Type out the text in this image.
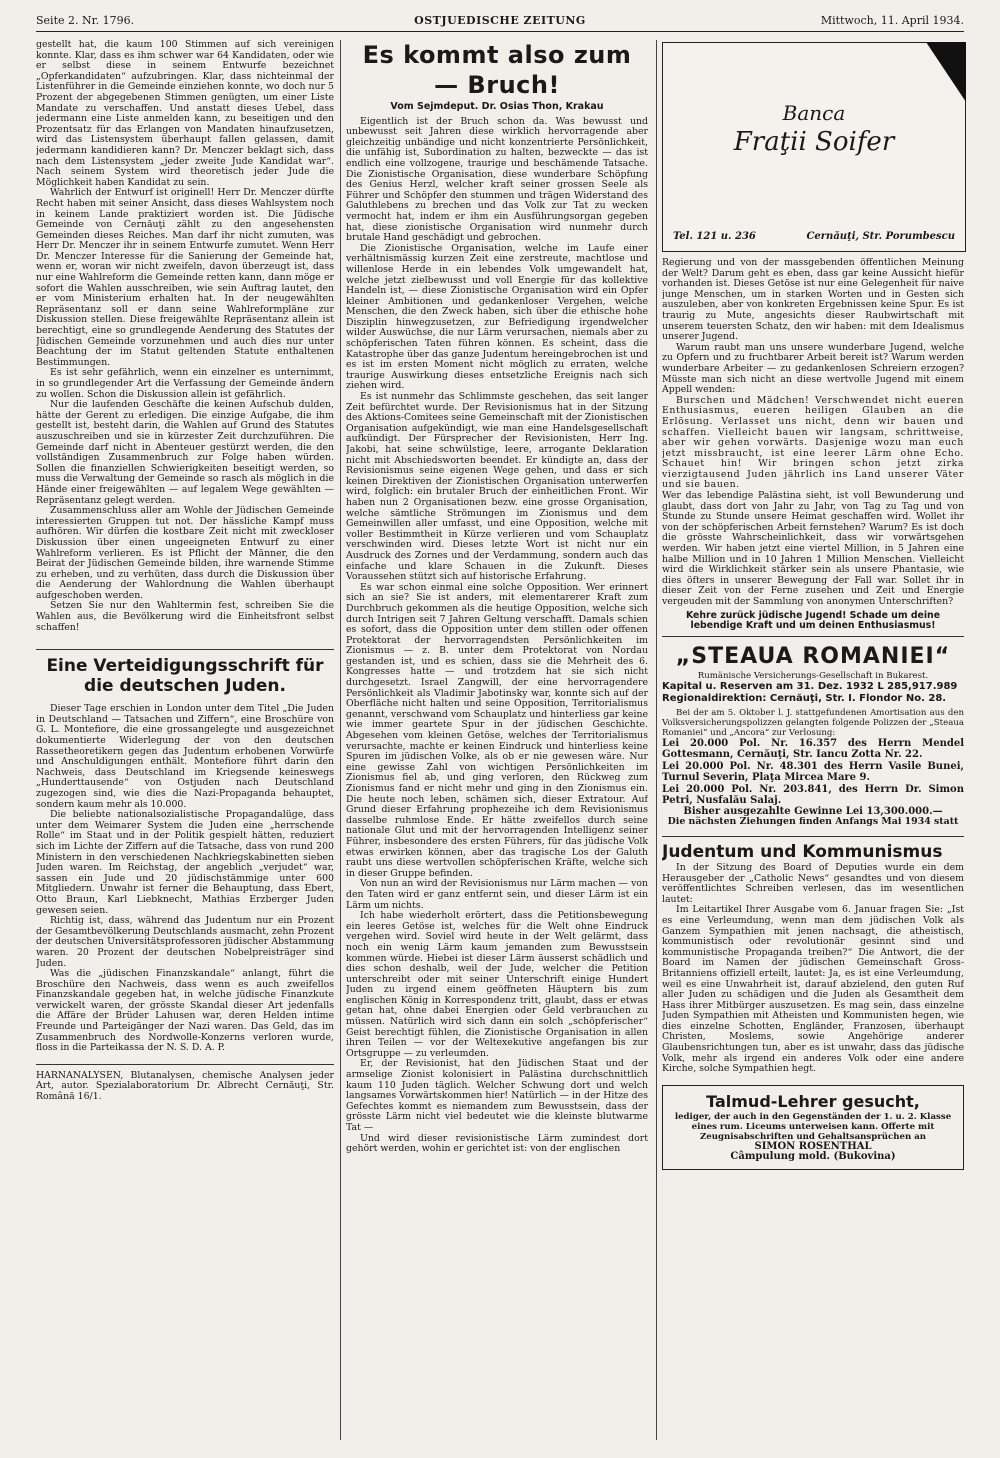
Seite 2. Nr. 1796.	OSTJUEDISCHE ZEITUNG	Mittwoch, 11. April 1934.

gestellt hat, die kaum 100 Stimmen auf sich vereinigen konnte. Klar, dass es ihm schwer war 64 Kandidaten, oder wie er selbst diese in seinem Entwurfe bezeichnet „Opferkandidaten“ aufzubringen. Klar, dass nichteinmal der Listenführer in die Gemeinde einziehen konnte, wo doch nur 5 Prozent der abgegebenen Stimmen genügten, um einer Liste Mandate zu verschaffen. Und anstatt dieses Uebel, dass jedermann eine Liste anmelden kann, zu beseitigen und den Prozentsatz für das Erlangen von Mandaten hinaufzusetzen, wird das Listensystem überhaupt fallen gelassen, damit jedermann kandidieren kann? Dr. Menczer beklagt sich, dass nach dem Listensystem „jeder zweite Jude Kandidat war“. Nach seinem System wird theoretisch jeder Jude die Möglichkeit haben Kandidat zu sein.

Wahrlich der Entwurf ist originell! Herr Dr. Menczer dürfte Recht haben mit seiner Ansicht, dass dieses Wahlsystem noch in keinem Lande praktiziert worden ist. Die Jüdische Gemeinde von Cernăuţi zählt zu den angesehensten Gemeinden dieses Reiches. Man darf ihr nicht zumuten, was Herr Dr. Menczer ihr in seinem Entwurfe zumutet. Wenn Herr Dr. Menczer Interesse für die Sanierung der Gemeinde hat, wenn er, woran wir nicht zweifeln, davon überzeugt ist, dass nur eine Wahlreform die Gemeinde retten kann, dann möge er sofort die Wahlen ausschreiben, wie sein Auftrag lautet, den er vom Ministerium erhalten hat. In der neugewählten Repräsentanz soll er dann seine Wahlreformpläne zur Diskussion stellen. Diese freigewählte Repräsentanz allein ist berechtigt, eine so grundlegende Aenderung des Statutes der Jüdischen Gemeinde vorzunehmen und auch dies nur unter Beachtung der im Statut geltenden Statute enthaltenen Bestimmungen.

Es ist sehr gefährlich, wenn ein einzelner es unternimmt, in so grundlegender Art die Verfassung der Gemeinde ändern zu wollen. Schon die Diskussion allein ist gefährlich.

Nur die laufenden Geschäfte die keinen Aufschub dulden, hätte der Gerent zu erledigen. Die einzige Aufgabe, die ihm gestellt ist, besteht darin, die Wahlen auf Grund des Statutes auszuschreiben und sie in kürzester Zeit durchzuführen. Die Gemeinde darf nicht in Abenteuer gestürzt werden, die den vollständigen Zusammenbruch zur Folge haben würden. Sollen die finanziellen Schwierigkeiten beseitigt werden, so muss die Verwaltung der Gemeinde so rasch als möglich in die Hände einer freigewählten — auf legalem Wege gewählten — Repräsentanz gelegt werden.

Zusammenschluss aller am Wohle der Jüdischen Gemeinde interessierten Gruppen tut not. Der hässliche Kampf muss aufhören. Wir dürfen die kostbare Zeit nicht mit zweckloser Diskussion über einen ungeeigneten Entwurf zu einer Wahlreform verlieren. Es ist Pflicht der Männer, die den Beirat der Jüdischen Gemeinde bilden, ihre warnende Stimme zu erheben, und zu verhüten, dass durch die Diskussion über die Aenderung der Wahlordnung die Wahlen überhaupt aufgeschoben werden.

Setzen Sie nur den Wahltermin fest, schreiben Sie die Wahlen aus, die Bevölkerung wird die Einheitsfront selbst schaffen!

Eine Verteidigungsschrift für die deutschen Juden.

Dieser Tage erschien in London unter dem Titel „Die Juden in Deutschland — Tatsachen und Ziffern“, eine Broschüre von G. L. Montefiore, die eine grossangelegte und ausgezeichnet dokumentierte Widerlegung der von den deutschen Rassetheoretikern gegen das Judentum erhobenen Vorwürfe und Anschuldigungen enthält. Montefiore führt darin den Nachweis, dass Deutschland im Kriegsende keineswegs „Hunderttausende“ von Ostjuden nach Deutschland zugezogen sind, wie dies die Nazi-Propaganda behauptet, sondern kaum mehr als 10.000.

Die beliebte nationalsozialistische Propagandalüge, dass unter dem Weimarer System die Juden eine „herrschende Rolle“ im Staat und in der Politik gespielt hätten, reduziert sich im Lichte der Ziffern auf die Tatsache, dass von rund 200 Ministern in den verschiedenen Nachkriegskabinetten sieben Juden waren. Im Reichstag, der angeblich „verjudet“ war, sassen ein Jude und 20 jüdischstämmige unter 600 Mitgliedern. Unwahr ist ferner die Behauptung, dass Ebert, Otto Braun, Karl Liebknecht, Mathias Erzberger Juden gewesen seien.

Richtig ist, dass, während das Judentum nur ein Prozent der Gesamtbevölkerung Deutschlands ausmacht, zehn Prozent der deutschen Universitätsprofessoren jüdischer Abstammung waren. 20 Prozent der deutschen Nobelpreisträger sind Juden.

Was die „jüdischen Finanzskandale“ anlangt, führt die Broschüre den Nachweis, dass wenn es auch zweifellos Finanzskandale gegeben hat, in welche jüdische Finanzkute verwickelt waren, der grösste Skandal dieser Art jedenfalls die Affäre der Brüder Lahusen war, deren Helden intime Freunde und Parteigänger der Nazi waren. Das Geld, das im Zusammenbruch des Nordwolle-Konzerns verloren wurde, floss in die Parteikassa der N. S. D. A. P.

HARNANALYSEN, Blutanalysen, chemische Analysen jeder Art, autor. Spezialaboratorium Dr. Albrecht Cernăuţi, Str. Română 16/1.

Es kommt also zum — Bruch!
Vom Sejmdeput. Dr. Osias Thon, Krakau

Eigentlich ist der Bruch schon da. Was bewusst und unbewusst seit Jahren diese wirklich hervorragende aber gleichzeitig unbändige und nicht konzentrierte Persönlichkeit, die unfähig ist, Subordination zu halten, bezweckte — das ist endlich eine vollzogene, traurige und beschämende Tatsache. Die Zionistische Organisation, diese wunderbare Schöpfung des Genius Herzl, welcher kraft seiner grossen Seele als Führer und Schöpfer den stummen und trägen Widerstand des Galuthlebens zu brechen und das Volk zur Tat zu wecken vermocht hat, indem er ihm ein Ausführungsorgan gegeben hat, diese zionistische Organisation wird nunmehr durch brutale Hand geschädigt und gebrochen.

Die Zionistische Organisation, welche im Laufe einer verhältnismässig kurzen Zeit eine zerstreute, machtlose und willenlose Herde in ein lebendes Volk umgewandelt hat, welche jetzt zielbewusst und voll Energie für das kollektive Handeln ist, — diese Zionistische Organisation wird ein Opfer kleiner Ambitionen und gedankenloser Vergehen, welche Menschen, die den Zweck haben, sich über die ethische hohe Disziplin hinwegzusetzen, zur Befriedigung irgendwelcher wilder Auswüchse, die nur Lärm verursachen, niemals aber zu schöpferischen Taten führen können. Es scheint, dass die Katastrophe über das ganze Judentum hereingebrochen ist und es ist im ersten Moment nicht möglich zu erraten, welche traurige Auswirkung dieses entsetzliche Ereignis nach sich ziehen wird.

Es ist nunmehr das Schlimmste geschehen, das seit langer Zeit befürchtet wurde. Der Revisionismus hat in der Sitzung des Aktions-Comitees seine Gemeinschaft mit der Zionistischen Organisation aufgekündigt, wie man eine Handelsgesellschaft aufkündigt. Der Fürsprecher der Revisionisten, Herr Ing. Jakobi, hat seine schwülstige, leere, arrogante Deklaration nicht mit Abschiedsworten beendet. Er kündigte an, dass der Revisionismus seine eigenen Wege gehen, und dass er sich keinen Direktiven der Zionistischen Organisation unterwerfen wird, folglich: ein brutaler Bruch der einheitlichen Front. Wir haben nun 2 Organisationen bezw. eine grosse Organisation, welche sämtliche Strömungen im Zionismus und dem Gemeinwillen aller umfasst, und eine Opposition, welche mit voller Bestimmtheit in Kürze verlieren und vom Schauplatz verschwinden wird. Dieses letzte Wort ist nicht nur ein Ausdruck des Zornes und der Verdammung, sondern auch das einfache und klare Schauen in die Zukunft. Dieses Voraussehen stützt sich auf historische Erfahrung.

Es war schon einmal eine solche Opposition. Wer erinnert sich an sie? Sie ist anders, mit elementarerer Kraft zum Durchbruch gekommen als die heutige Opposition, welche sich durch Intrigen seit 7 Jahren Geltung verschafft. Damals schien es sofort, dass die Opposition unter dem stillen oder offenen Protektorat der hervorragendsten Persönlichkeiten im Zionismus — z. B. unter dem Protektorat von Nordau gestanden ist, und es schien, dass sie die Mehrheit des 6. Kongresses hatte — und trotzdem hat sie sich nicht durchgesetzt. Israel Zangwill, der eine hervorragendere Persönlichkeit als Vladimir Jabotinsky war, konnte sich auf der Oberfläche nicht halten und seine Opposition, Territorialismus genannt, verschwand vom Schauplatz und hinterliess gar keine wie immer geartete Spur in der jüdischen Geschichte. Abgesehen vom kleinen Getöse, welches der Territorialismus verursachte, machte er keinen Eindruck und hinterliess keine Spuren im jüdischen Volke, als ob er nie gewesen wäre. Nur eine gewisse Zahl von wichtigen Persönlichkeiten im Zionismus fiel ab, und ging verloren, den Rückweg zum Zionismus fand er nicht mehr und ging in den Zionismus ein. Die heute noch leben, schämen sich, dieser Extratour. Auf Grund dieser Erfahrung prophezeihe ich dem Revisionismus dasselbe ruhmlose Ende. Er hätte zweifellos durch seine nationale Glut und mit der hervorragenden Intelligenz seiner Führer, insbesondere des ersten Führers, für das jüdische Volk etwas erwirken können, aber das tragische Los der Galuth raubt uns diese wertvollen schöpferischen Kräfte, welche sich in dieser Gruppe befinden.

Von nun an wird der Revisionismus nur Lärm machen — von den Taten wird er ganz entfernt sein, und dieser Lärm ist ein Lärm um nichts.

Ich habe wiederholt erörtert, dass die Petitionsbewegung ein leeres Getöse ist, welches für die Welt ohne Eindruck vergehen wird. Soviel wird heute in der Welt gelärmt, dass noch ein wenig Lärm kaum jemanden zum Bewusstsein kommen würde. Hiebei ist dieser Lärm äusserst schädlich und dies schon deshalb, weil der Jude, welcher die Petition unterschreibt oder mit seiner Unterschrift einige Hundert Juden zu irgend einem geöffneten Häuptern bis zum englischen König in Korrespondenz tritt, glaubt, dass er etwas getan hat, ohne dabei Energien oder Geld verbrauchen zu müssen. Natürlich wird sich dann ein solch „schöpferischer“ Geist berechtigt fühlen, die Zionistische Organisation in allen ihren Teilen — vor der Weltexekutive angefangen bis zur Ortsgruppe — zu verleumden.

Er, der Revisionist, hat den Jüdischen Staat und der armselige Zionist kolonisiert in Palästina durchschnittlich kaum 110 Juden täglich. Welcher Schwung dort und welch langsames Vorwärtskommen hier! Natürlich — in der Hitze des Gefechtes kommt es niemandem zum Bewusstsein, dass der grösste Lärm nicht viel bedeutet wie die kleinste blutwarme Tat —

Und wird dieser revisionistische Lärm zumindest dort gehört werden, wohin er gerichtet ist: von der englischen

Banca
Fraţii Soifer
Tel. 121 u. 236	Cernăuţi, Str. Porumbescu

Regierung und von der massgebenden öffentlichen Meinung der Welt? Darum geht es eben, dass gar keine Aussicht hiefür vorhanden ist. Dieses Getöse ist nur eine Gelegenheit für naive junge Menschen, um in starken Worten und in Gesten sich auszuleben, aber von konkreten Ergebnissen keine Spur. Es ist traurig zu Mute, angesichts dieser Raubwirtschaft mit unserem teuersten Schatz, den wir haben: mit dem Idealismus unserer Jugend.

Warum raubt man uns unsere wunderbare Jugend, welche zu Opfern und zu fruchtbarer Arbeit bereit ist? Warum werden wunderbare Arbeiter — zu gedankenlosen Schreiern erzogen? Müsste man sich nicht an diese wertvolle Jugend mit einem Appell wenden:

Burschen und Mädchen! Verschwendet nicht eueren Enthusiasmus, eueren heiligen Glauben an die Erlösung. Verlasset uns nicht, denn wir bauen und schaffen. Vielleicht bauen wir langsam, schrittweise, aber wir gehen vorwärts. Dasjenige wozu man euch jetzt missbraucht, ist eine leerer Lärm ohne Echo. Schauet hin! Wir bringen schon jetzt zirka vierzigtausend Juden jährlich ins Land unserer Väter und sie bauen.

Wer das lebendige Palästina sieht, ist voll Bewunderung und glaubt, dass dort von Jahr zu Jahr, von Tag zu Tag und von Stunde zu Stunde unsere Heimat geschaffen wird. Wollet ihr von der schöpferischen Arbeit fernstehen? Warum? Es ist doch die grösste Wahrscheinlichkeit, dass wir vorwärtsgehen werden. Wir haben jetzt eine viertel Million, in 5 Jahren eine halbe Million und in 10 Jahren 1 Million Menschen. Vielleicht wird die Wirklichkeit stärker sein als unsere Phantasie, wie dies öfters in unserer Bewegung der Fall war. Sollet ihr in dieser Zeit von der Ferne zusehen und Zeit und Energie vergeuden mit der Sammlung von anonymen Unterschriften?

Kehre zurück jüdische Jugend! Schade um deine lebendige Kraft und um deinen Enthusiasmus!

„STEAUA ROMANIEI“
Rumänische Versicherungs-Gesellschaft in Bukarest.
Kapital u. Reserven am 31. Dez. 1932 L 285,917.989
Regionaldirektion: Cernăuţi, Str. I. Flondor No. 28.

Bei der am 5. Oktober l. J. stattgefundenen Amortisation aus den Volksversicherungspolizzen gelangten folgende Polizzen der „Steaua Romaniei“ und „Ancora“ zur Verlosung:

Lei 20.000 Pol. Nr. 16.357 des Herrn Mendel Gottesmann, Cernăuţi, Str. Iancu Zotta Nr. 22.

Lei 20.000 Pol. Nr. 48.301 des Herrn Vasile Bunei, Turnul Severin, Plaţa Mircea Mare 9.

Lei 20.000 Pol. Nr. 203.841, des Herrn Dr. Simon Petri, Nusfalău Salaj.

Bisher ausgezahlte Gewinne Lei 13,300.000.—
Die nächsten Ziehungen finden Anfangs Mai 1934 statt
Judentum und Kommunismus

In der Sitzung des Board of Deputies wurde ein dem Herausgeber der „Catholic News“ gesandtes und von diesem veröffentlichtes Schreiben verlesen, das im wesentlichen lautet:

Im Leitartikel Ihrer Ausgabe vom 6. Januar fragen Sie: „Ist es eine Verleumdung, wenn man dem jüdischen Volk als Ganzem Sympathien mit jenen nachsagt, die atheistisch, kommunistisch oder revolutionär gesinnt sind und kommunistische Propaganda treiben?“ Die Antwort, die der Board im Namen der jüdischen Gemeinschaft Gross-Britanniens offiziell erteilt, lautet: Ja, es ist eine Verleumdung, weil es eine Unwahrheit ist, darauf abzielend, den guten Ruf aller Juden zu schädigen und die Juden als Gesamtheit dem Hass ihrer Mitbürger auszusetzen. Es mag sein, dass einzelne Juden Sympathien mit Atheisten und Kommunisten hegen, wie dies einzelne Schotten, Engländer, Franzosen, überhaupt Christen, Moslems, sowie Angehörige anderer Glaubensrichtungen tun, aber es ist unwahr, dass das jüdische Volk, mehr als irgend ein anderes Volk oder eine andere Kirche, solche Sympathien hegt.

Talmud-Lehrer gesucht,
lediger, der auch in den Gegenständen der 1. u. 2. Klasse eines rum. Liceums unterweisen kann. Offerte mit Zeugnisabschriften und Gehaltsansprüchen an
SIMON ROSENTHAL
Câmpulung mold. (Bukovina)
